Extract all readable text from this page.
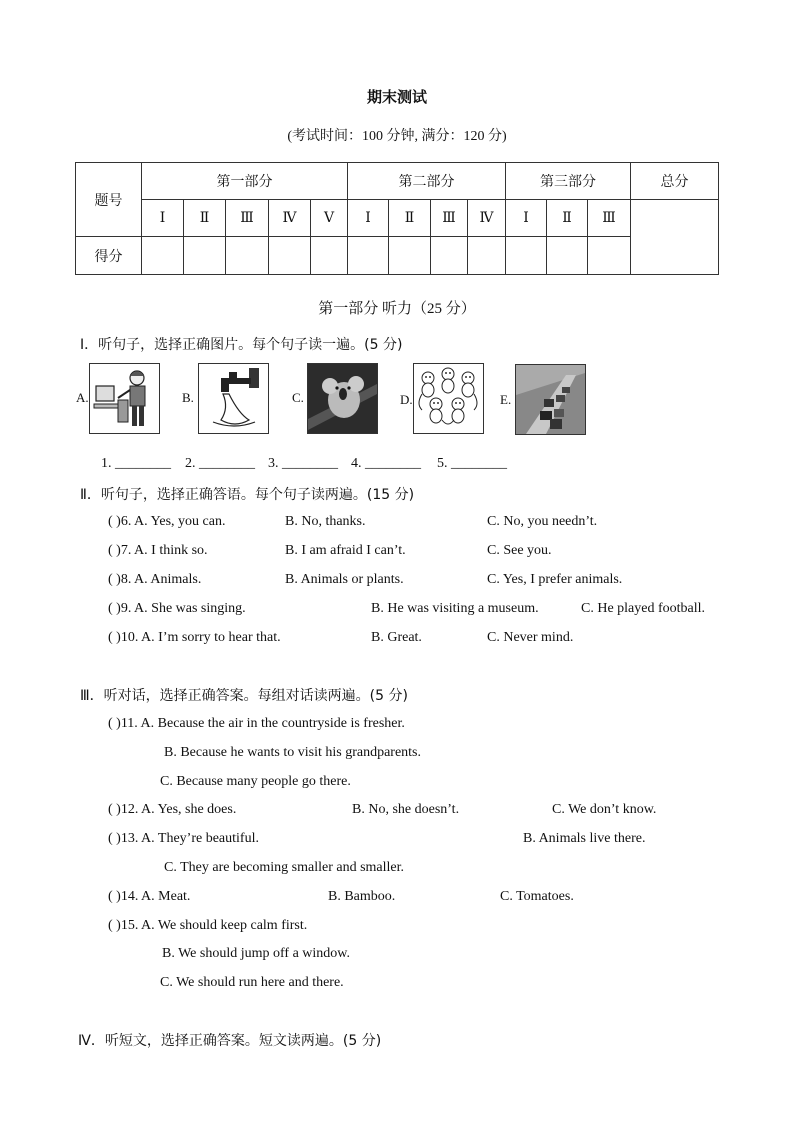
期末测试
(考试时间：100 分钟, 满分：120 分)
题号	第一部分					第二部分				第三部分			总分
	Ⅰ	Ⅱ	Ⅲ	Ⅳ	Ⅴ	Ⅰ	Ⅱ	Ⅲ	Ⅳ	Ⅰ	Ⅱ	Ⅲ	
得分													
第一部分 听力（25 分）
Ⅰ．听句子，选择正确图片。每个句子读一遍。(5 分)
A.	B.	C.	D.	E.
1. ________ 2. ________ 3. ________ 4. ________ 5. ________
Ⅱ．听句子，选择正确答语。每个句子读两遍。(15 分)
( )6. A. Yes, you can.	B. No, thanks.	C. No, you needn’t.
( )7. A. I think so.	B. I am afraid I can’t.	C. See you.
( )8. A. Animals.	B. Animals or plants.	C. Yes, I prefer animals.
( )9. A. She was singing.	B. He was visiting a museum.	C. He played football.
( )10. A. I’m sorry to hear that.	B. Great.	C. Never mind.
Ⅲ．听对话，选择正确答案。每组对话读两遍。(5 分)
( )11. A. Because the air in the countryside is fresher.
B. Because he wants to visit his grandparents.
C. Because many people go there.
( )12. A. Yes, she does.	B. No, she doesn’t.	C. We don’t know.
( )13. A. They’re beautiful.	B. Animals live there.
C. They are becoming smaller and smaller.
( )14. A. Meat.	B. Bamboo.	C. Tomatoes.
( )15. A. We should keep calm first.
B. We should jump off a window.
C. We should run here and there.
Ⅳ．听短文，选择正确答案。短文读两遍。(5 分)
